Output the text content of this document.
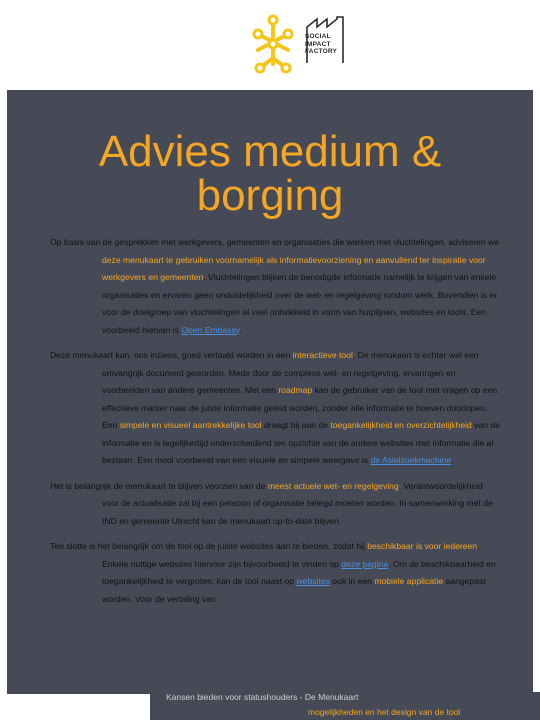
SOCIAL
IMPACT
FACTORY
Advies medium & borging

Op basis van de gesprekken met werkgevers, gemeenten en organisaties die werken met vluchtelingen, adviseren we deze menukaart te gebruiken voornamelijk als informatievoorziening en aanvullend ter inspiratie voor werkgevers en gemeenten. Vluchtelingen blijken de benodigde informatie namelijk te krijgen van enkele organisaties en ervaren geen onduidelijkheid over de wet- en regelgeving rondom werk. Bovendien is er voor de doelgroep van vluchtelingen al veel ontwikkeld in vorm van hulplijnen, websites en tools. Een voorbeeld hiervan is Open Embassy.

Deze menukaart kan, ons inziens, goed vertaald worden in een interactieve tool. De menukaart is echter wel een omvangrijk document geworden. Mede door de complexe wet- en regelgeving, ervaringen en voorbeelden van andere gemeenten. Met een roadmap kan de gebruiker van de tool met vragen op een effectieve manier naar de juiste informatie geleid worden, zonder alle informatie te hoeven doorlopen. Een simpele en visueel aantrekkelijke tool draagt bij aan de toegankelijkheid en overzichtelijkheid van de informatie en is tegelijkertijd onderscheidend ten opzichte van de andere websites met informatie die al bestaan. Een mooi voorbeeld van een visuele en simpele weergave is de Asielzoekmachine.

Het is belangrijk de menukaart te blijven voorzien van de meest actuele wet- en regelgeving. Verantwoordelijkheid voor de actualisatie zal bij een persoon of organisatie belegd moeten worden. In samenwerking met de IND en gemeente Utrecht kan de menukaart up-to-date blijven.

Ten slotte is het belangrijk om de tool op de juiste websites aan te bieden, zodat hij beschikbaar is voor iedereen. Enkele nuttige websites hiervoor zijn bijvoorbeeld te vinden op deze pagina. Om de beschikbaarheid en toegankelijkheid te vergroten, kan de tool naast op websites ook in een mobiele applicatie aangepast worden. Voor de vertaling van

Kansen bieden voor statushouders - De Menukaart
mogelijkheden en het design van de tool
